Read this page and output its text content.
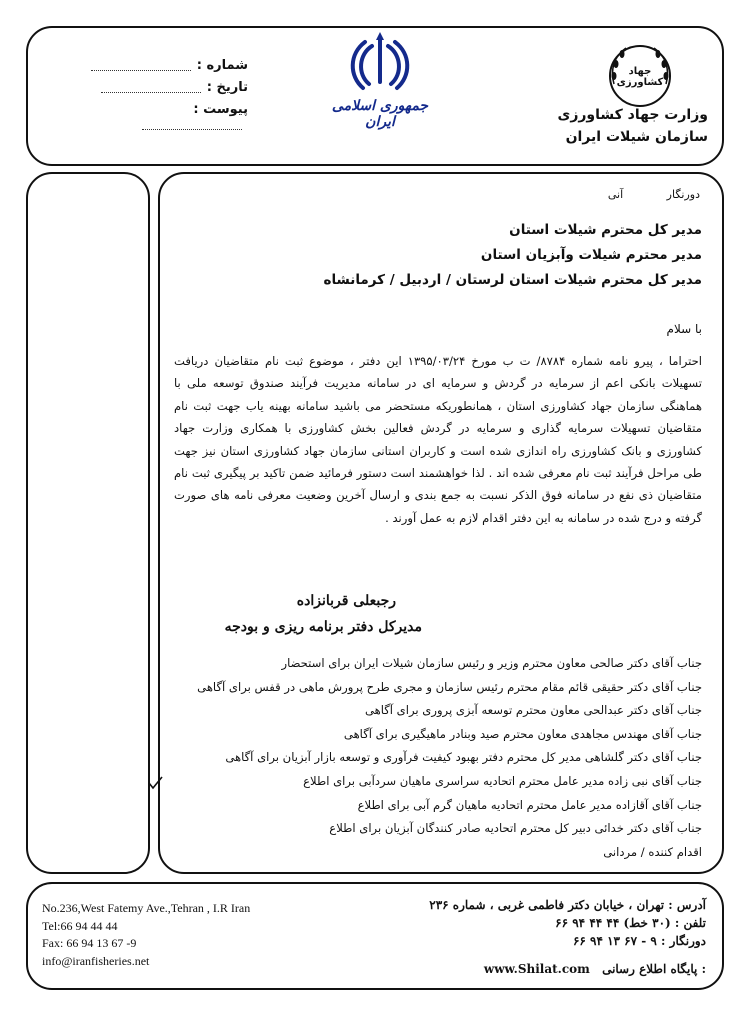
شماره :
تاریخ :
پیوست :	جمهوری اسلامی ایران
جهاد کشاورزی
وزارت جهاد کشاورزی
سازمان شیلات ایران
دورنگار آنی
مدیر کل محترم شیلات استان
مدیر محترم شیلات وآبزیان استان
مدیر کل محترم شیلات استان لرستان / اردبیل / کرمانشاه
با سلام
احتراما ، پیرو نامه شماره ۸۷۸۴/ ت ب مورخ ۱۳۹۵/۰۳/۲۴ این دفتر ، موضوع ثبت نام متقاضیان دریافت تسهیلات بانکی اعم از سرمایه در گردش و سرمایه ای در سامانه مدیریت فرآیند صندوق توسعه ملی با هماهنگی سازمان جهاد کشاورزی استان ، همانطوریکه مستحضر می باشید سامانه بهینه یاب جهت ثبت نام متقاضیان تسهیلات سرمایه گذاری و سرمایه در گردش فعالین بخش کشاورزی با همکاری وزارت جهاد کشاورزی و بانک کشاورزی راه اندازی شده است و کاربران استانی سازمان جهاد کشاورزی استان نیز جهت طی مراحل فرآیند ثبت نام معرفی شده اند . لذا خواهشمند است دستور فرمائید ضمن تاکید بر پیگیری ثبت نام متقاضیان ذی نفع در سامانه فوق الذکر نسبت به جمع بندی و ارسال آخرین وضعیت معرفی نامه های صورت گرفته و درج شده در سامانه به این دفتر اقدام لازم به عمل آورند .
رجبعلی قربانزاده
مدیرکل دفتر برنامه ریزی و بودجه
جناب آقای دکتر صالحی معاون محترم وزیر و رئیس سازمان شیلات ایران برای استحضار
جناب آقای دکتر حقیقی قائم مقام محترم رئیس سازمان و مجری طرح پرورش ماهی در قفس برای آگاهی
جناب آقای دکتر عبدالحی معاون محترم توسعه آبزی پروری برای آگاهی
جناب آقای مهندس مجاهدی معاون محترم صید وبنادر ماهیگیری برای آگاهی
جناب آقای دکتر گلشاهی مدیر کل محترم دفتر بهبود کیفیت فرآوری و توسعه بازار آبزیان برای آگاهی
جناب آقای نبی زاده مدیر عامل محترم اتحادیه سراسری ماهیان سردآبی برای اطلاع
جناب آقای آقازاده مدیر عامل محترم اتحادیه ماهیان گرم آبی برای اطلاع
جناب آقای دکتر خدائی دبیر کل محترم اتحادیه صادر کنندگان آبزیان برای اطلاع
اقدام کننده / مردانی
No.236,West Fatemy Ave.,Tehran , I.R Iran
Tel:66 94 44 44
Fax: 66 94 13 67 -9
info@iranfisheries.net
آدرس : تهران ، خیابان دکتر فاطمی غربی ، شماره ۲۳۶
تلفن : (۳۰ خط) ۴۴ ۴۴ ۹۴ ۶۶
دورنگار : ۹ - ۶۷ ۱۳ ۹۴ ۶۶
www.Shilat.com پایگاه اطلاع رسانی :
